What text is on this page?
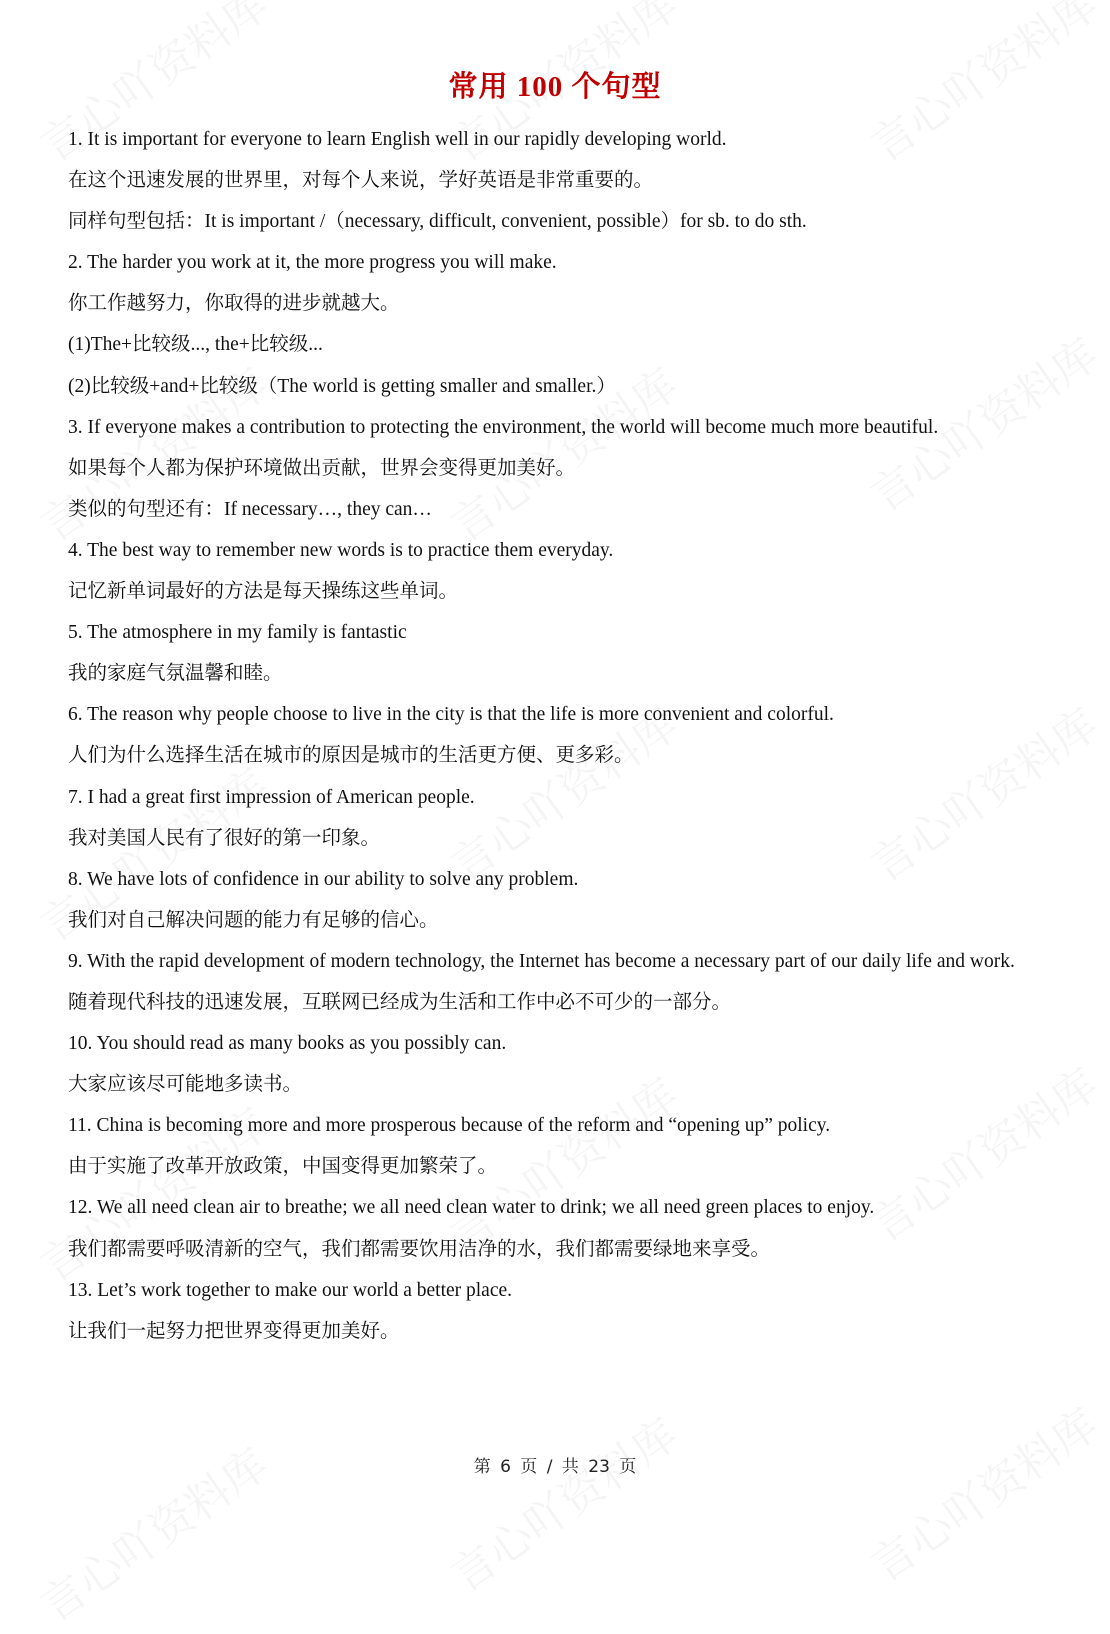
常用 100 个句型

1. It is important for everyone to learn English well in our rapidly developing world.

在这个迅速发展的世界里，对每个人来说，学好英语是非常重要的。

同样句型包括：It is important /（necessary, difficult, convenient, possible）for sb. to do sth.

2. The harder you work at it, the more progress you will make.

你工作越努力，你取得的进步就越大。

(1)The+比较级..., the+比较级...

(2)比较级+and+比较级（The world is getting smaller and smaller.）

3. If everyone makes a contribution to protecting the environment, the world will become much more beautiful.

如果每个人都为保护环境做出贡献，世界会变得更加美好。

类似的句型还有：If necessary…, they can…

4. The best way to remember new words is to practice them everyday.

记忆新单词最好的方法是每天操练这些单词。

5. The atmosphere in my family is fantastic

我的家庭气氛温馨和睦。

6. The reason why people choose to live in the city is that the life is more convenient and colorful.

人们为什么选择生活在城市的原因是城市的生活更方便、更多彩。

7. I had a great first impression of American people.

我对美国人民有了很好的第一印象。

8. We have lots of confidence in our ability to solve any problem.

我们对自己解决问题的能力有足够的信心。

9. With the rapid development of modern technology, the Internet has become a necessary part of our daily life and work.

随着现代科技的迅速发展，互联网已经成为生活和工作中必不可少的一部分。

10. You should read as many books as you possibly can.

大家应该尽可能地多读书。

11. China is becoming more and more prosperous because of the reform and “opening up” policy.

由于实施了改革开放政策，中国变得更加繁荣了。

12. We all need clean air to breathe; we all need clean water to drink; we all need green places to enjoy.

我们都需要呼吸清新的空气，我们都需要饮用洁净的水，我们都需要绿地来享受。

13. Let’s work together to make our world a better place.

让我们一起努力把世界变得更加美好。

第 6 页 / 共 23 页
